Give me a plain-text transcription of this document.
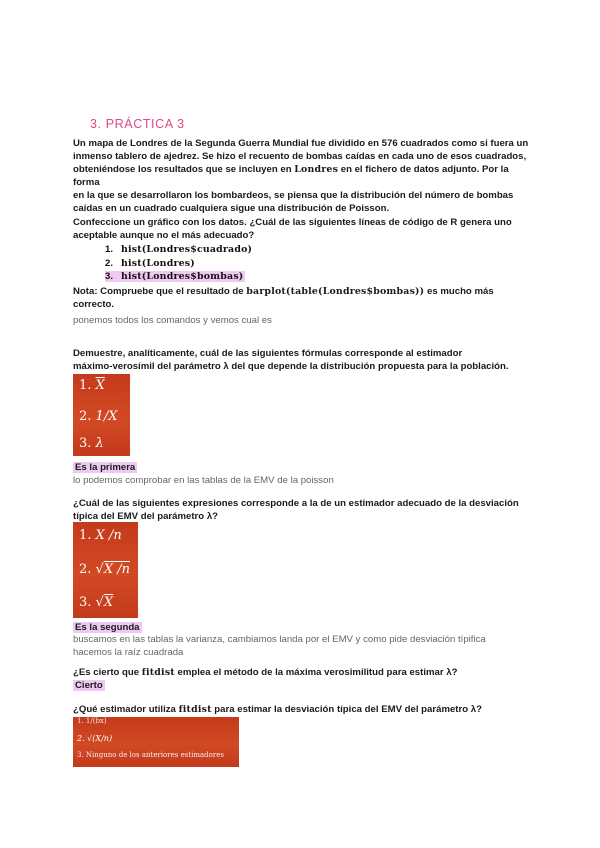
3. PRÁCTICA 3
Un mapa de Londres de la Segunda Guerra Mundial fue dividido en 576 cuadrados como si fuera un
inmenso tablero de ajedrez. Se hizo el recuento de bombas caídas en cada uno de esos cuadrados,
obteniéndose los resultados que se incluyen en Londres en el fichero de datos adjunto. Por la forma
en la que se desarrollaron los bombardeos, se piensa que la distribución del número de bombas
caídas en un cuadrado cualquiera sigue una distribución de Poisson.
Confeccione un gráfico con los datos. ¿Cuál de las siguientes líneas de código de R genera uno
aceptable aunque no el más adecuado?
1. hist(Londres$cuadrado)
2. hist(Londres)
3. hist(Londres$bombas)
Nota: Compruebe que el resultado de barplot(table(Londres$bombas)) es mucho más
correcto.
ponemos todos los comandos y vemos cual es
Demuestre, analíticamente, cuál de las siguientes fórmulas corresponde al estimador
máximo-verosímil del parámetro λ del que depende la distribución propuesta para la población.
1. $\overline{X}$
2. 1/X
3. λ
Es la primera
lo podemos comprobar en las tablas de la EMV de la poisson
¿Cuál de las siguientes expresiones corresponde a la de un estimador adecuado de la desviación
típica del EMV del parámetro λ?
1. X /n
2. √X /n
3. √X
Es la segunda
buscamos en las tablas la varianza, cambiamos landa por el EMV y como pide desviación típifica
hacemos la raíz cuadrada
¿Es cierto que fitdist emplea el método de la máxima verosimilitud para estimar λ?
Cierto
¿Qué estimador utiliza fitdist para estimar la desviación típica del EMV del parámetro λ?
1. 1/(bx)
2. √(X/n)
3. Ninguno de los anteriores estimadores
